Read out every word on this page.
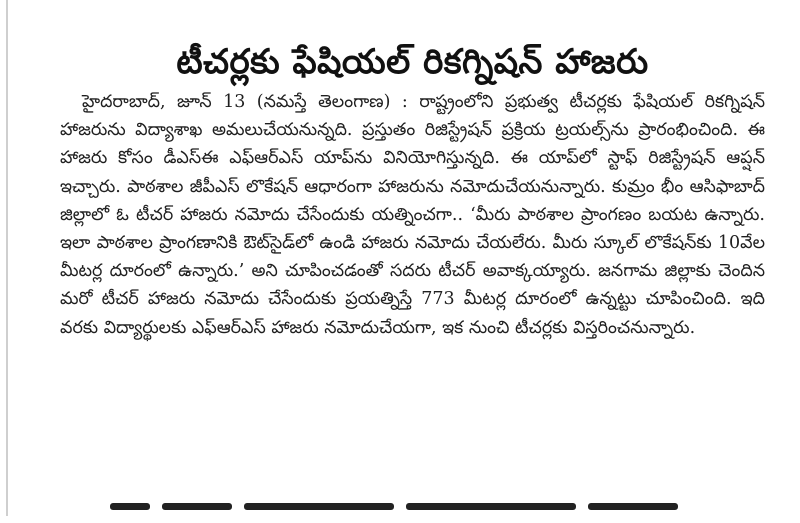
టీచర్లకు ఫేషియల్ రికగ్నిషన్ హాజరు

హైదరాబాద్, జూన్ 13 (నమస్తే తెలంగాణ) : రాష్ట్రంలోని ప్రభుత్వ టీచర్లకు ఫేషియల్ రికగ్నిషన్ హాజరును విద్యాశాఖ అమలుచేయనున్నది. ప్రస్తుతం రిజిస్ట్రేషన్ ప్రక్రియ ట్రయల్స్‌ను ప్రారంభించింది. ఈ హాజరు కోసం డీఎస్ఈ ఎఫ్ఆర్ఎస్ యాప్‌ను వినియోగిస్తున్నది. ఈ యాప్‌లో స్టాఫ్ రిజిస్ట్రేషన్ ఆప్షన్ ఇచ్చారు. పాఠశాల జీపీఎస్ లొకేషన్ ఆధారంగా హాజరును నమోదుచేయనున్నారు. కుమ్రం భీం ఆసిఫాబాద్ జిల్లాలో ఓ టీచర్ హాజరు నమోదు చేసేందుకు యత్నించగా.. ‘మీరు పాఠశాల ప్రాంగణం బయట ఉన్నారు. ఇలా పాఠశాల ప్రాంగణానికి ఔట్‌సైడ్‌లో ఉండి హాజరు నమోదు చేయలేరు. మీరు స్కూల్ లొకేషన్‌కు 10వేల మీటర్ల దూరంలో ఉన్నారు.’ అని చూపించడంతో సదరు టీచర్ అవాక్కయ్యారు. జనగామ జిల్లాకు చెందిన మరో టీచర్ హాజరు నమోదు చేసేందుకు ప్రయత్నిస్తే 773 మీటర్ల దూరంలో ఉన్నట్టు చూపించింది. ఇది వరకు విద్యార్థులకు ఎఫ్ఆర్ఎస్ హాజరు నమోదుచేయగా, ఇక నుంచి టీచర్లకు విస్తరించనున్నారు.
